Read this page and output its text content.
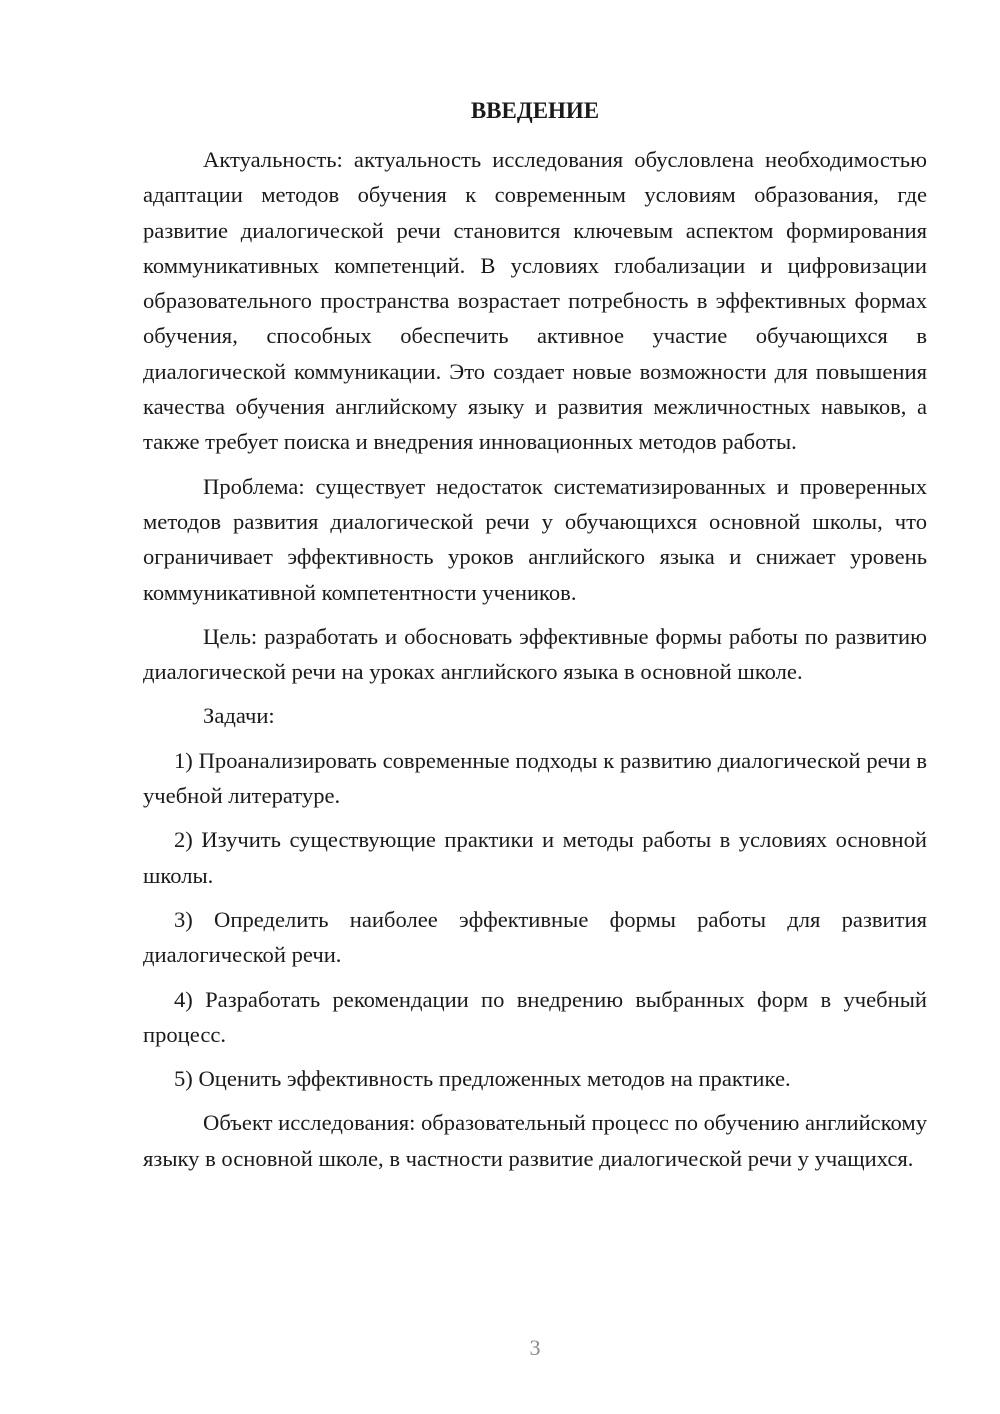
ВВЕДЕНИЕ

Актуальность: актуальность исследования обусловлена необходимостью адаптации методов обучения к современным условиям образования, где развитие диалогической речи становится ключевым аспектом формирования коммуникативных компетенций. В условиях глобализации и цифровизации образовательного пространства возрастает потребность в эффективных формах обучения, способных обеспечить активное участие обучающихся в диалогической коммуникации. Это создает новые возможности для повышения качества обучения английскому языку и развития межличностных навыков, а также требует поиска и внедрения инновационных методов работы.

Проблема: существует недостаток систематизированных и проверенных методов развития диалогической речи у обучающихся основной школы, что ограничивает эффективность уроков английского языка и снижает уровень коммуникативной компетентности учеников.

Цель: разработать и обосновать эффективные формы работы по развитию диалогической речи на уроках английского языка в основной школе.

Задачи:

1) Проанализировать современные подходы к развитию диалогической речи в учебной литературе.

2) Изучить существующие практики и методы работы в условиях основной школы.

3) Определить наиболее эффективные формы работы для развития диалогической речи.

4) Разработать рекомендации по внедрению выбранных форм в учебный процесс.

5) Оценить эффективность предложенных методов на практике.

Объект исследования: образовательный процесс по обучению английскому языку в основной школе, в частности развитие диалогической речи у учащихся.

3
